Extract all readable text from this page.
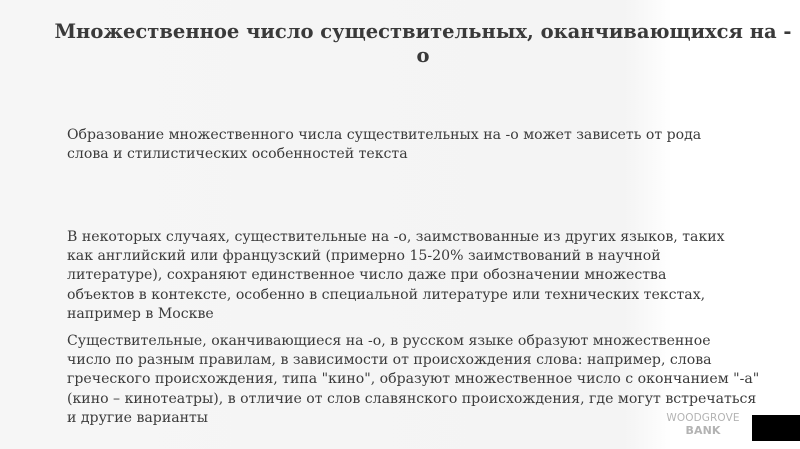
Множественное число существительных, оканчивающихся на -
о

Образование множественного числа существительных на -о может зависеть от рода
слова и стилистических особенностей текста

В некоторых случаях, существительные на -о, заимствованные из других языков, таких
как английский или французский (примерно 15-20% заимствований в научной
литературе), сохраняют единственное число даже при обозначении множества
объектов в контексте, особенно в специальной литературе или технических текстах,
например в Москве

Существительные, оканчивающиеся на -о, в русском языке образуют множественное
число по разным правилам, в зависимости от происхождения слова: например, слова
греческого происхождения, типа "кино", образуют множественное число с окончанием "-а"
(кино – кинотеатры), в отличие от слов славянского происхождения, где могут встречаться
и другие варианты	WOODGROVE
BANK
